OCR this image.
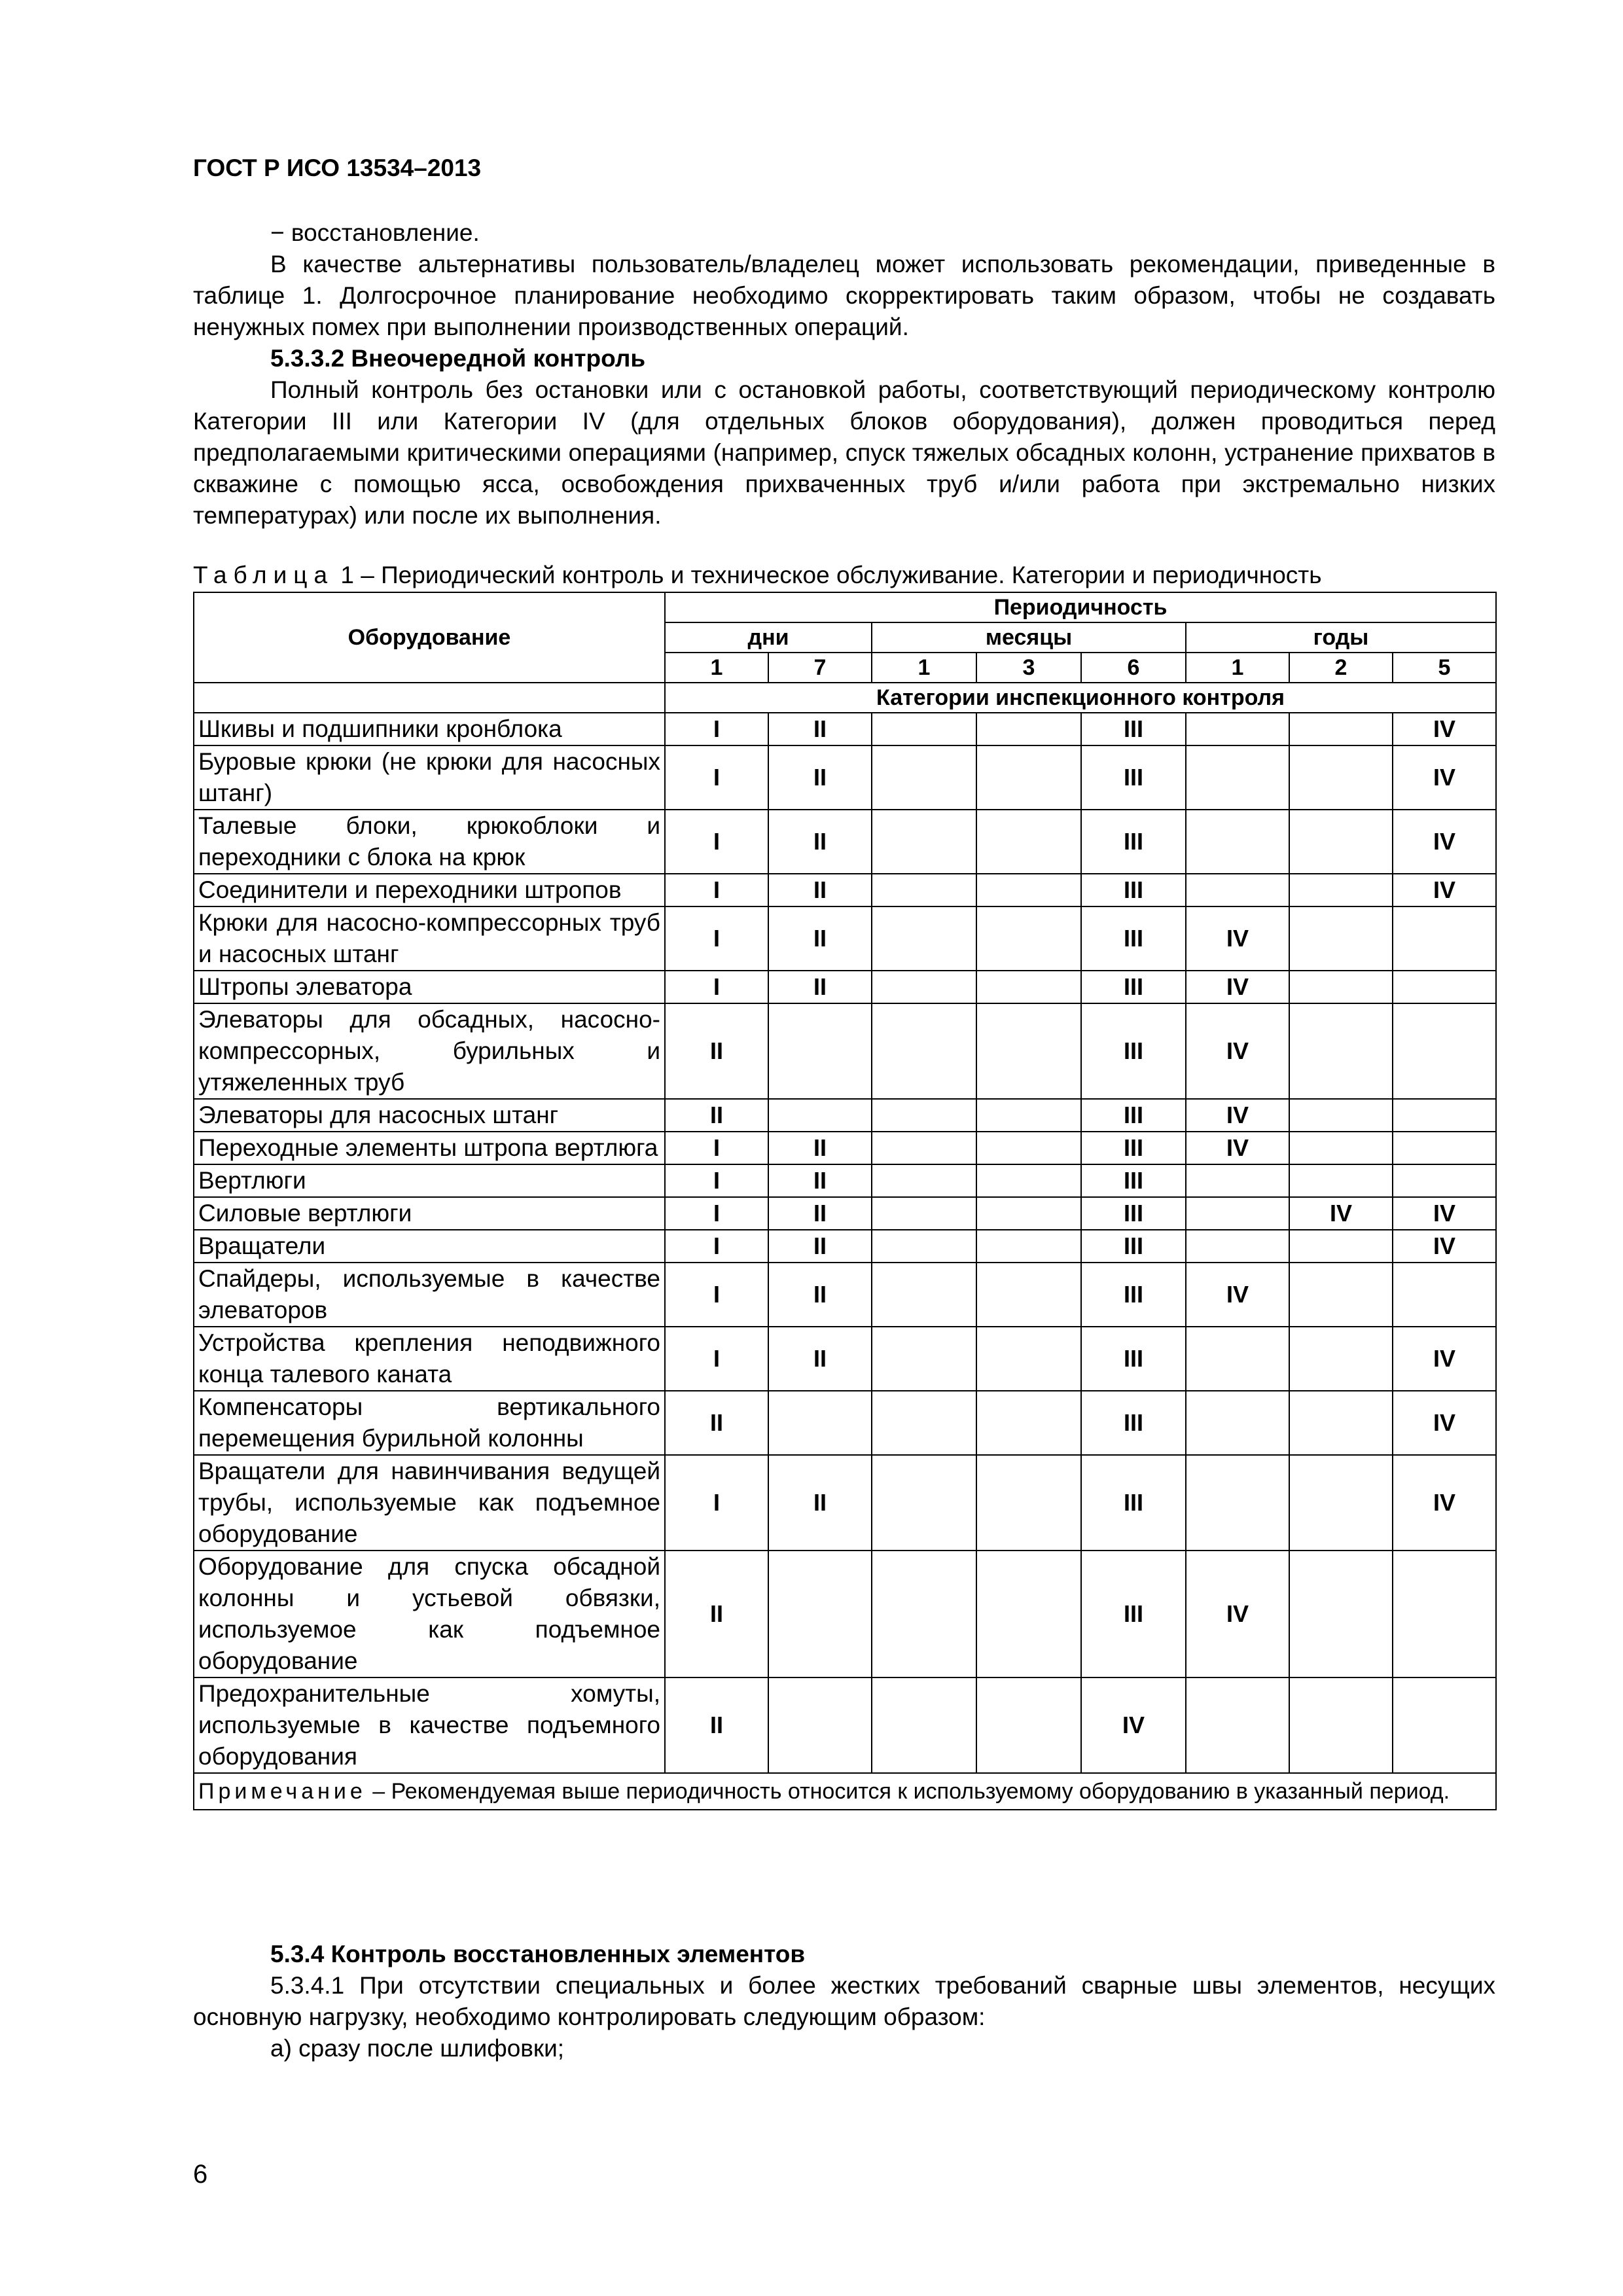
ГОСТ Р ИСО 13534–2013

− восстановление.

В качестве альтернативы пользователь/владелец может использовать рекомендации, приведенные в таблице 1. Долгосрочное планирование необходимо скорректировать таким образом, чтобы не создавать ненужных помех при выполнении производственных операций.

5.3.3.2 Внеочередной контроль

Полный контроль без остановки или с остановкой работы, соответствующий периодическому контролю Категории III или Категории IV (для отдельных блоков оборудования), должен проводиться перед предполагаемыми критическими операциями (например, спуск тяжелых обсадных колонн, устранение прихватов в скважине с помощью ясса, освобождения прихваченных труб и/или работа при экстремально низких температурах) или после их выполнения.

Таблица 1 – Периодический контроль и техническое обслуживание. Категории и периодичность
Оборудование	Периодичность							
	дни		месяцы			годы		
	1	7	1	3	6	1	2	5
	Категории инспекционного контроля							
Шкивы и подшипники кронблока	I	II			III			IV
Буровые крюки (не крюки для насосных штанг)	I	II			III			IV
Талевые блоки, крюкоблоки и переходники с блока на крюк	I	II			III			IV
Соединители и переходники штропов	I	II			III			IV
Крюки для насосно-компрессорных труб и насосных штанг	I	II			III	IV		
Штропы элеватора	I	II			III	IV		
Элеваторы для обсадных, насосно-компрессорных, бурильных и утяжеленных труб	II				III	IV		
Элеваторы для насосных штанг	II				III	IV		
Переходные элементы штропа вертлюга	I	II			III	IV		
Вертлюги	I	II			III			
Силовые вертлюги	I	II			III		IV	IV
Вращатели	I	II			III			IV
Спайдеры, используемые в качестве элеваторов	I	II			III	IV		
Устройства крепления неподвижного конца талевого каната	I	II			III			IV
Компенсаторы вертикального перемещения бурильной колонны	II				III			IV
Вращатели для навинчивания ведущей трубы, используемые как подъемное оборудование	I	II			III			IV
Оборудование для спуска обсадной колонны и устьевой обвязки, используемое как подъемное оборудование	II				III	IV		
Предохранительные хомуты, используемые в качестве подъемного оборудования	II				IV			
Примечание – Рекомендуемая выше периодичность относится к используемому оборудованию в указанный период.								

5.3.4 Контроль восстановленных элементов

5.3.4.1 При отсутствии специальных и более жестких требований сварные швы элементов, несущих основную нагрузку, необходимо контролировать следующим образом:

а) сразу после шлифовки;

6
